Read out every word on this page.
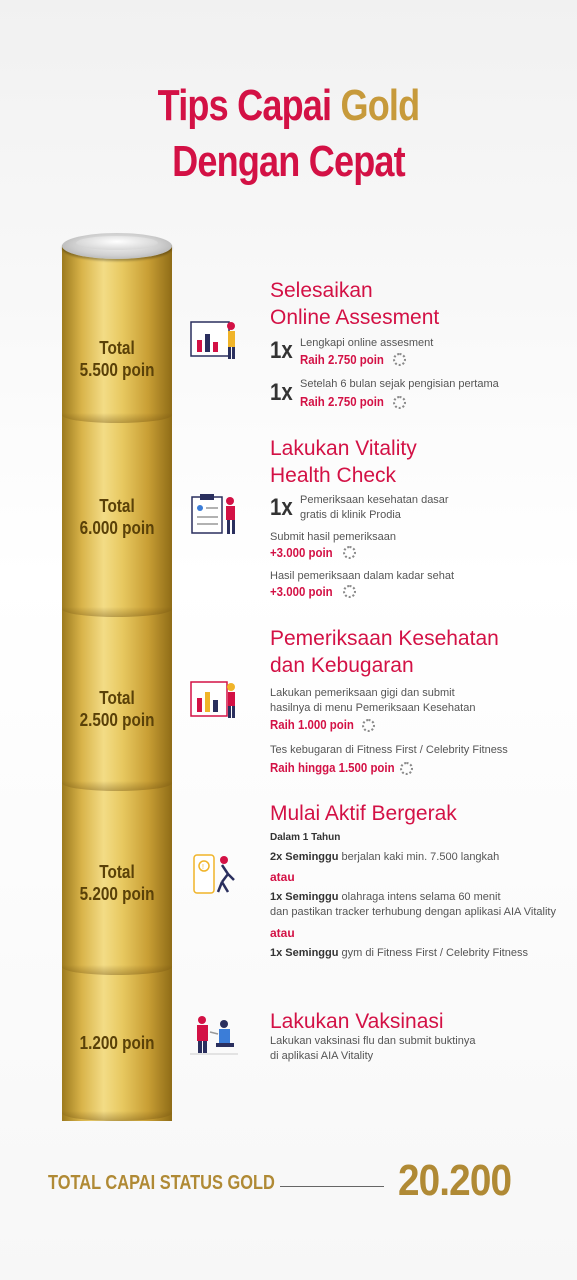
Tips Capai Gold
Dengan Cepat
Total
5.500 poin
Total
6.000 poin
Total
2.500 poin
Total
5.200 poin
1.200 poin
!
Selesaikan
Online Assesment
1x Lengkapi online assesment
Raih 2.750 poin
1x Setelah 6 bulan sejak pengisian pertama
Raih 2.750 poin
Lakukan Vitality
Health Check
1x Pemeriksaan kesehatan dasar
gratis di klinik Prodia
Submit hasil pemeriksaan
+3.000 poin
Hasil pemeriksaan dalam kadar sehat
+3.000 poin
Pemeriksaan Kesehatan
dan Kebugaran
Lakukan pemeriksaan gigi dan submit
hasilnya di menu Pemeriksaan Kesehatan
Raih 1.000 poin
Tes kebugaran di Fitness First / Celebrity Fitness
Raih hingga 1.500 poin
Mulai Aktif Bergerak
Dalam 1 Tahun
2x Seminggu berjalan kaki min. 7.500 langkah
atau
1x Seminggu olahraga intens selama 60 menit
dan pastikan tracker terhubung dengan aplikasi AIA Vitality
atau
1x Seminggu gym di Fitness First / Celebrity Fitness
Lakukan Vaksinasi
Lakukan vaksinasi flu dan submit buktinya
di aplikasi AIA Vitality
TOTAL CAPAI STATUS GOLD	20.200
